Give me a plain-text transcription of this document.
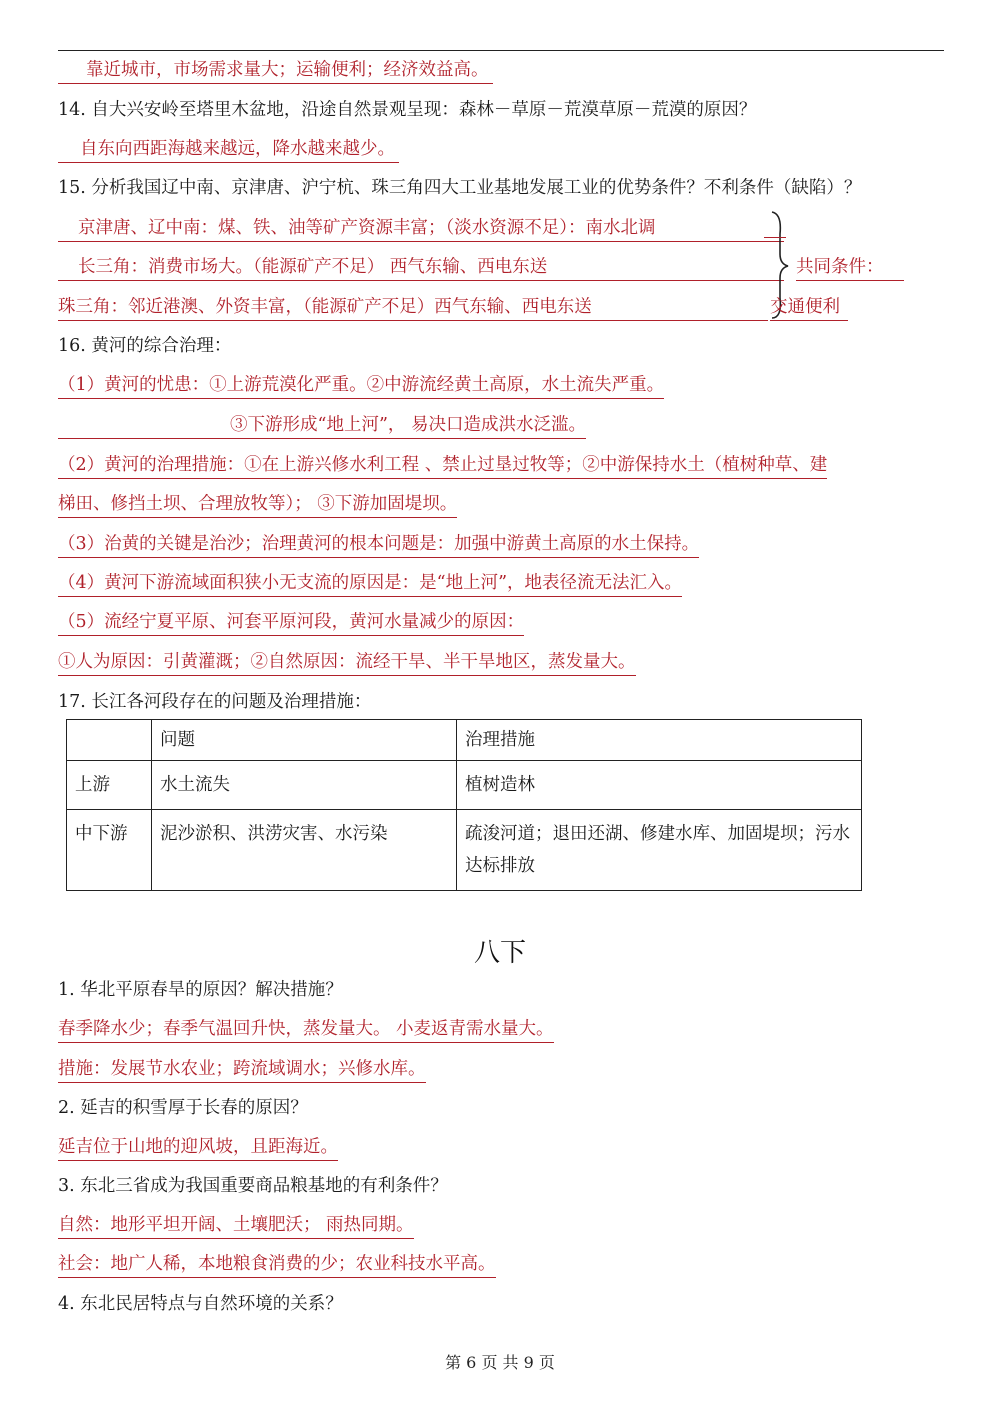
靠近城市，市场需求量大；运输便利；经济效益高。
14. 自大兴安岭至塔里木盆地，沿途自然景观呈现：森林－草原－荒漠草原－荒漠的原因？
自东向西距海越来越远，降水越来越少。
15. 分析我国辽中南、京津唐、沪宁杭、珠三角四大工业基地发展工业的优势条件？不利条件（缺陷）？
京津唐、辽中南：煤、铁、油等矿产资源丰富；（淡水资源不足）：南水北调
长三角：消费市场大。（能源矿产不足） 西气东输、西电东送
珠三角：邻近港澳、外资丰富，（能源矿产不足）西气东输、西电东送
共同条件：
交通便利
16. 黄河的综合治理：
（1）黄河的忧患：①上游荒漠化严重。②中游流经黄土高原，水土流失严重。
③下游形成“地上河”， 易决口造成洪水泛滥。
（2）黄河的治理措施：①在上游兴修水利工程 、禁止过垦过牧等；②中游保持水土（植树种草、建
梯田、修挡土坝、合理放牧等）； ③下游加固堤坝。
（3）治黄的关键是治沙；治理黄河的根本问题是：加强中游黄土高原的水土保持。
（4）黄河下游流域面积狭小无支流的原因是：是“地上河”，地表径流无法汇入。
（5）流经宁夏平原、河套平原河段，黄河水量减少的原因：
①人为原因：引黄灌溉；②自然原因：流经干旱、半干旱地区，蒸发量大。
17. 长江各河段存在的问题及治理措施：
	问题	治理措施
上游	水土流失	植树造林
中下游	泥沙淤积、洪涝灾害、水污染	疏浚河道；退田还湖、修建水库、加固堤坝；污水达标排放
八下
1. 华北平原春旱的原因？解决措施？
春季降水少；春季气温回升快，蒸发量大。 小麦返青需水量大。
措施：发展节水农业；跨流域调水；兴修水库。
2. 延吉的积雪厚于长春的原因？
延吉位于山地的迎风坡，且距海近。
3. 东北三省成为我国重要商品粮基地的有利条件？
自然：地形平坦开阔、土壤肥沃； 雨热同期。
社会：地广人稀，本地粮食消费的少；农业科技水平高。
4. 东北民居特点与自然环境的关系？
第 6 页 共 9 页
